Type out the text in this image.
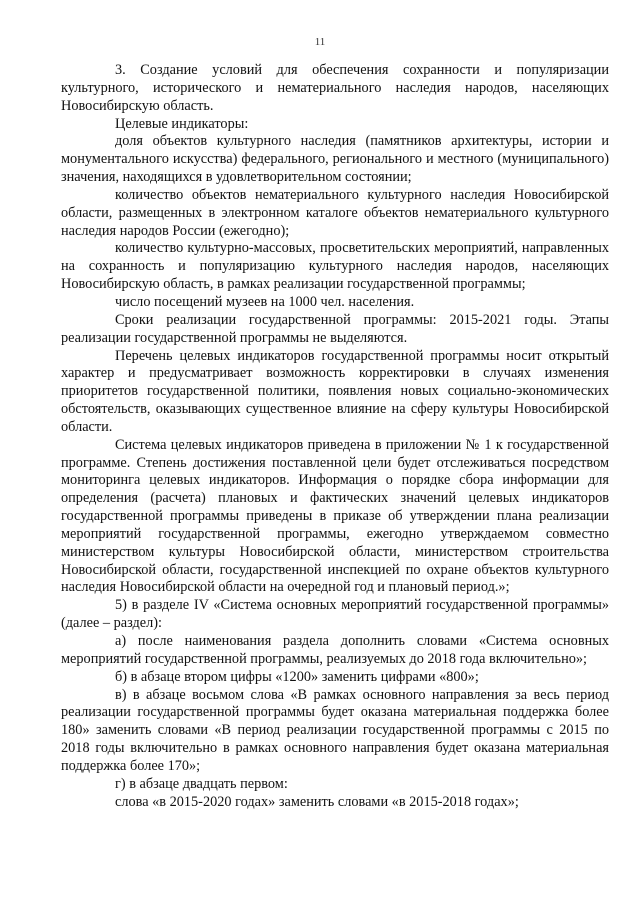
11

3. Создание условий для обеспечения сохранности и популяризации культурного, исторического и нематериального наследия народов, населяющих Новосибирскую область.

Целевые индикаторы:

доля объектов культурного наследия (памятников архитектуры, истории и монументального искусства) федерального, регионального и местного (муниципального) значения, находящихся в удовлетворительном состоянии;

количество объектов нематериального культурного наследия Новосибирской области, размещенных в электронном каталоге объектов нематериального культурного наследия народов России (ежегодно);

количество культурно-массовых, просветительских мероприятий, направленных на сохранность и популяризацию культурного наследия народов, населяющих Новосибирскую область, в рамках реализации государственной программы;

число посещений музеев на 1000 чел. населения.

Сроки реализации государственной программы: 2015-2021 годы. Этапы реализации государственной программы не выделяются.

Перечень целевых индикаторов государственной программы носит открытый характер и предусматривает возможность корректировки в случаях изменения приоритетов государственной политики, появления новых социально-экономических обстоятельств, оказывающих существенное влияние на сферу культуры Новосибирской области.

Система целевых индикаторов приведена в приложении № 1 к государственной программе. Степень достижения поставленной цели будет отслеживаться посредством мониторинга целевых индикаторов. Информация о порядке сбора информации для определения (расчета) плановых и фактических значений целевых индикаторов государственной программы приведены в приказе об утверждении плана реализации мероприятий государственной программы, ежегодно утверждаемом совместно министерством культуры Новосибирской области, министерством строительства Новосибирской области, государственной инспекцией по охране объектов культурного наследия Новосибирской области на очередной год и плановый период.»;

5) в разделе IV «Система основных мероприятий государственной программы» (далее – раздел):

а) после наименования раздела дополнить словами «Система основных мероприятий государственной программы, реализуемых до 2018 года включительно»;

б) в абзаце втором цифры «1200» заменить цифрами «800»;

в) в абзаце восьмом слова «В рамках основного направления за весь период реализации государственной программы будет оказана материальная поддержка более 180» заменить словами «В период реализации государственной программы с 2015 по 2018 годы включительно в рамках основного направления будет оказана материальная поддержка более 170»;

г) в абзаце двадцать первом:

слова «в 2015-2020 годах» заменить словами «в 2015-2018 годах»;
